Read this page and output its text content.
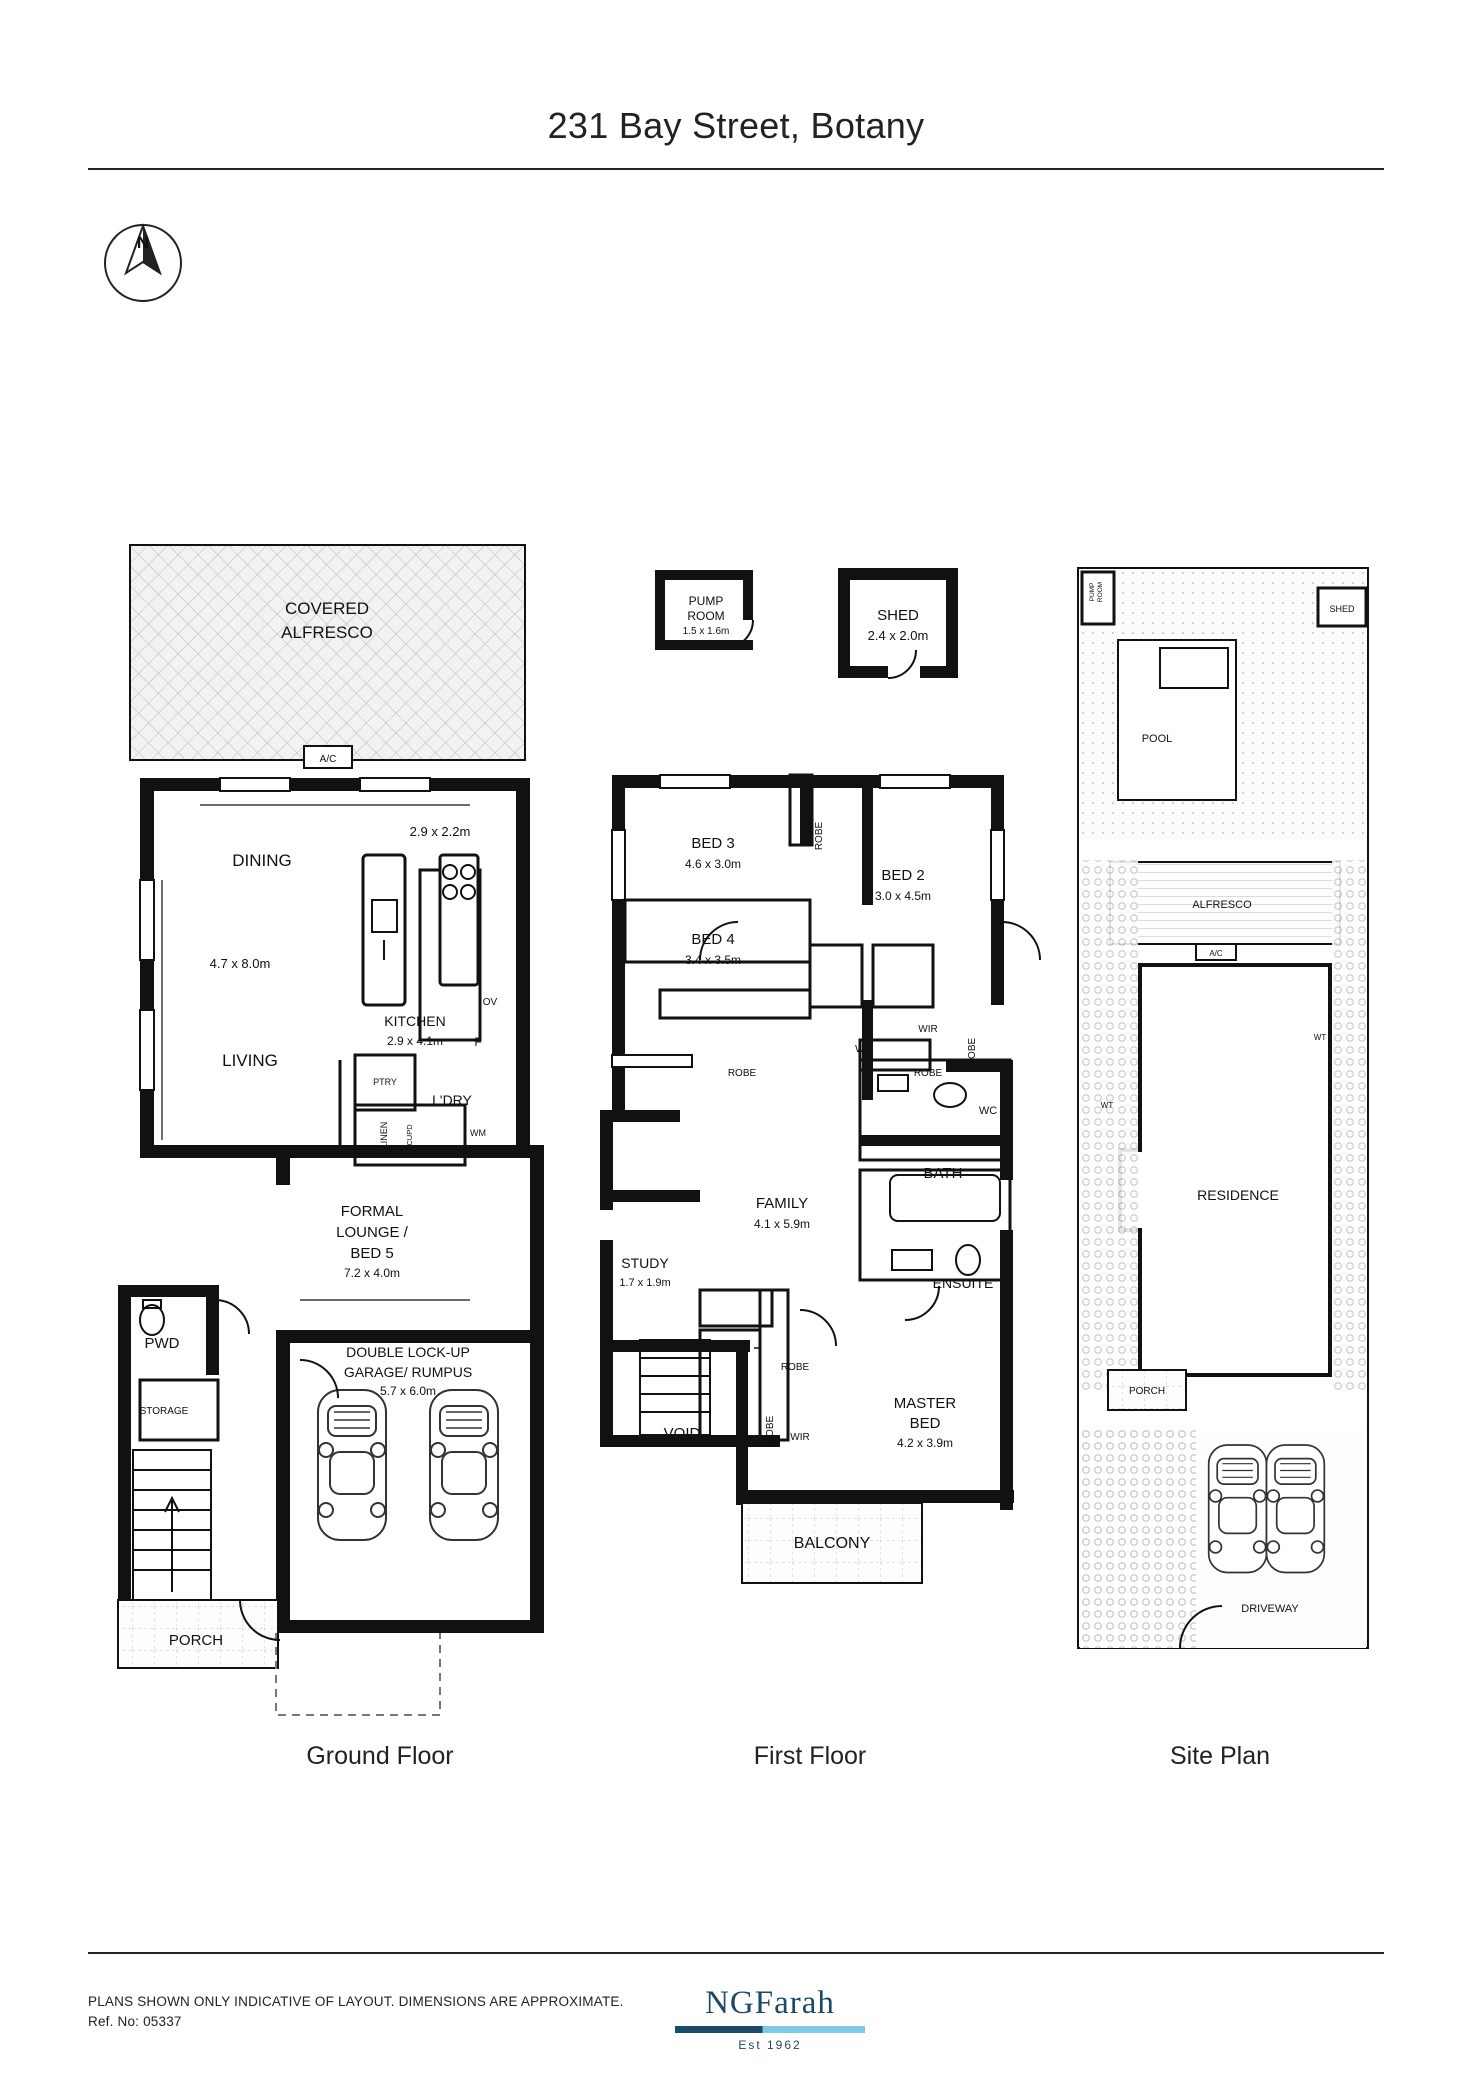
231 Bay Street, Botany
N
COVERED
ALFRESCO
A/C
2.9 x 2.2m
DINING
4.7 x 8.0m
LIVING
KITCHEN
2.9 x 4.1m
OV
F
PTRY
L'DRY
LINEN CUPD	WM
FORMAL
LOUNGE /
BED 5
7.2 x 4.0m
DOUBLE LOCK-UP
GARAGE/ RUMPUS
5.7 x 6.0m
PWD
STORAGE
PORCH
PUMP
ROOM
1.5 x 1.6m
SHED
2.4 x 2.0m
BALCONY
BED 3
4.6 x 3.0m
BED 2
3.0 x 4.5m
ROBE
BED 4
3.4 x 3.5m
ROBE
WIL
WIR
ROBE
ROBE
WC
BATH
ENSUITE
FAMILY
4.1 x 5.9m
STUDY
1.7 x 1.9m
VOID	ROBE WIR
ROBE
MASTER
BED
4.2 x 3.9m
POOL
PUMP ROOM
SHED
ALFRESCO
A/C
RESIDENCE
WT
WT
PORCH
DRIVEWAY
Ground Floor	First Floor	Site Plan
PLANS SHOWN ONLY INDICATIVE OF LAYOUT. DIMENSIONS ARE APPROXIMATE.
Ref. No: 05337
NGFarah
Est 1962
